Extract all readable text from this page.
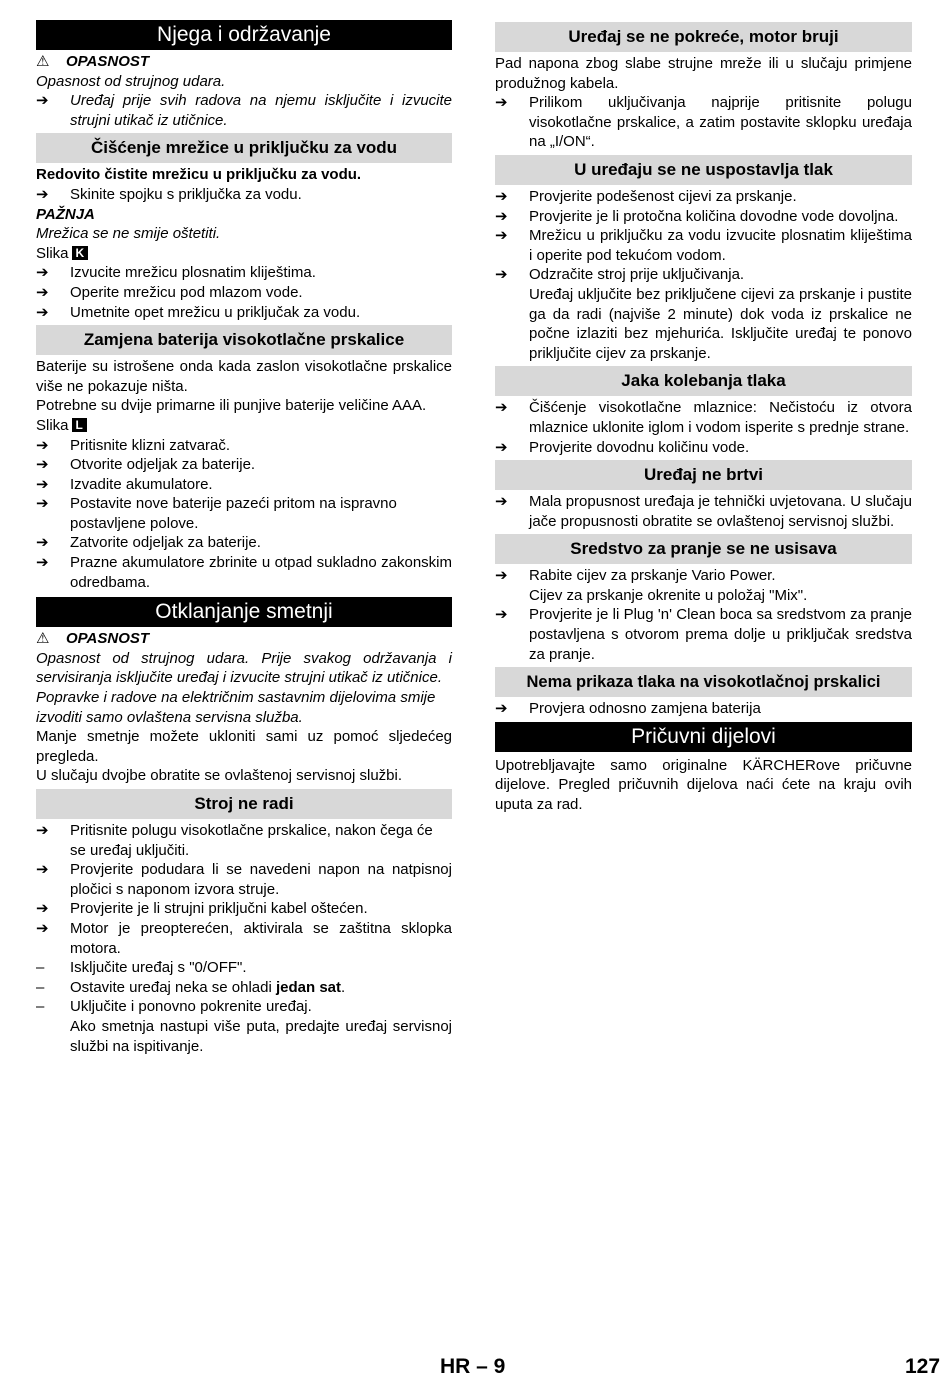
Njega i održavanje

⚠ OPASNOST

Opasnost od strujnog udara.

➔	Uređaj prije svih radova na njemu isključite i izvucite strujni utikač iz utičnice.
Čišćenje mrežice u priključku za vodu

Redovito čistite mrežicu u priključku za vodu.

➔	Skinite spojku s priključka za vodu.

PAŽNJA

Mrežica se ne smije oštetiti.

Slika K

➔	Izvucite mrežicu plosnatim kliještima.
➔	Operite mrežicu pod mlazom vode.
➔	Umetnite opet mrežicu u priključak za vodu.
Zamjena baterija visokotlačne prskalice

Baterije su istrošene onda kada zaslon visokotlačne prskalice više ne pokazuje ništa.

Potrebne su dvije primarne ili punjive baterije veličine AAA.

Slika L

➔	Pritisnite klizni zatvarač.
➔	Otvorite odjeljak za baterije.
➔	Izvadite akumulatore.
➔	Postavite nove baterije pazeći pritom na ispravno postavljene polove.
➔	Zatvorite odjeljak za baterije.
➔	Prazne akumulatore zbrinite u otpad sukladno zakonskim odredbama.
Otklanjanje smetnji

⚠ OPASNOST

Opasnost od strujnog udara. Prije svakog održavanja i servisiranja isključite uređaj i izvucite strujni utikač iz utičnice.

Popravke i radove na električnim sastavnim dijelovima smije izvoditi samo ovlaštena servisna služba.

Manje smetnje možete ukloniti sami uz pomoć sljedećeg pregleda.

U slučaju dvojbe obratite se ovlaštenoj servisnoj službi.

Stroj ne radi
➔	Pritisnite polugu visokotlačne prskalice, nakon čega će se uređaj uključiti.
➔	Provjerite podudara li se navedeni napon na natpisnoj pločici s naponom izvora struje.
➔	Provjerite je li strujni priključni kabel oštećen.
➔	Motor je preopterećen, aktivirala se zaštitna sklopka motora.
–	Isključite uređaj s "0/OFF".
–	Ostavite uređaj neka se ohladi jedan sat.
–	Uključite i ponovno pokrenite uređaj.

Ako smetnja nastupi više puta, predajte uređaj servisnoj službi na ispitivanje.

Uređaj se ne pokreće, motor bruji

Pad napona zbog slabe strujne mreže ili u slučaju primjene produžnog kabela.

➔	Prilikom uključivanja najprije pritisnite polugu visokotlačne prskalice, a zatim postavite sklopku uređaja na „I/ON“.
U uređaju se ne uspostavlja tlak
➔	Provjerite podešenost cijevi za prskanje.
➔	Provjerite je li protočna količina dovodne vode dovoljna.
➔	Mrežicu u priključku za vodu izvucite plosnatim kliještima i operite pod tekućom vodom.
➔	Odzračite stroj prije uključivanja.

Uređaj uključite bez priključene cijevi za prskanje i pustite ga da radi (najviše 2 minute) dok voda iz prskalice ne počne izlaziti bez mjehurića. Isključite uređaj te ponovo priključite cijev za prskanje.

Jaka kolebanja tlaka
➔	Čišćenje visokotlačne mlaznice: Nečistoću iz otvora mlaznice uklonite iglom i vodom isperite s prednje strane.
➔	Provjerite dovodnu količinu vode.
Uređaj ne brtvi
➔	Mala propusnost uređaja je tehnički uvjetovana. U slučaju jače propusnosti obratite se ovlaštenoj servisnoj službi.
Sredstvo za pranje se ne usisava
➔	Rabite cijev za prskanje Vario Power.

Cijev za prskanje okrenite u položaj "Mix".

➔	Provjerite je li Plug 'n' Clean boca sa sredstvom za pranje postavljena s otvorom prema dolje u priključak sredstva za pranje.
Nema prikaza tlaka na visokotlačnoj prskalici
➔	Provjera odnosno zamjena baterija
Pričuvni dijelovi

Upotrebljavajte samo originalne KÄRCHERove pričuvne dijelove. Pregled pričuvnih dijelova naći ćete na kraju ovih uputa za rad.

HR – 9	127
